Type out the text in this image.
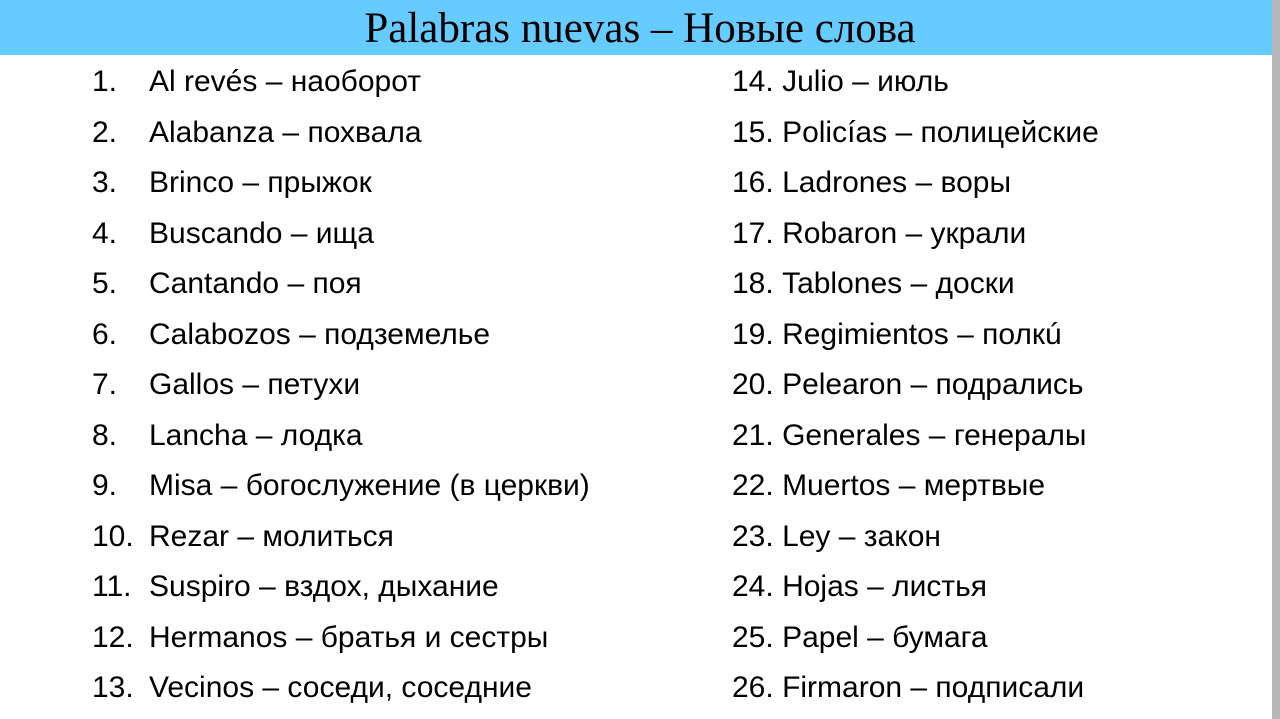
Palabras nuevas – Новые слова
1.	Al revés – наоборот
2.	Alabanza – похвала
3.	Brinco – прыжок
4.	Buscando – ища
5.	Cantando – поя
6.	Calabozos – подземелье
7.	Gallos – петухи
8.	Lancha – лодка
9.	Misa – богослужение (в церкви)
10. Rezar – молиться
11. Suspiro – вздох, дыхание
12. Hermanos – братья и сестры
13. Vecinos – соседи, соседние
14.
Julio – июль
15.
Policías – полицейские
16.
Ladrones – воры
17.
Robaron – украли
18.
Tablones – доски
19.
Regimientos – полкú
20.
Pelearon – подрались
21.
Generales – генералы
22.
Muertos – мертвые
23.
Ley – закон
24.
Hojas – листья
25.
Papel – бумага
26.
Firmaron – подписали
